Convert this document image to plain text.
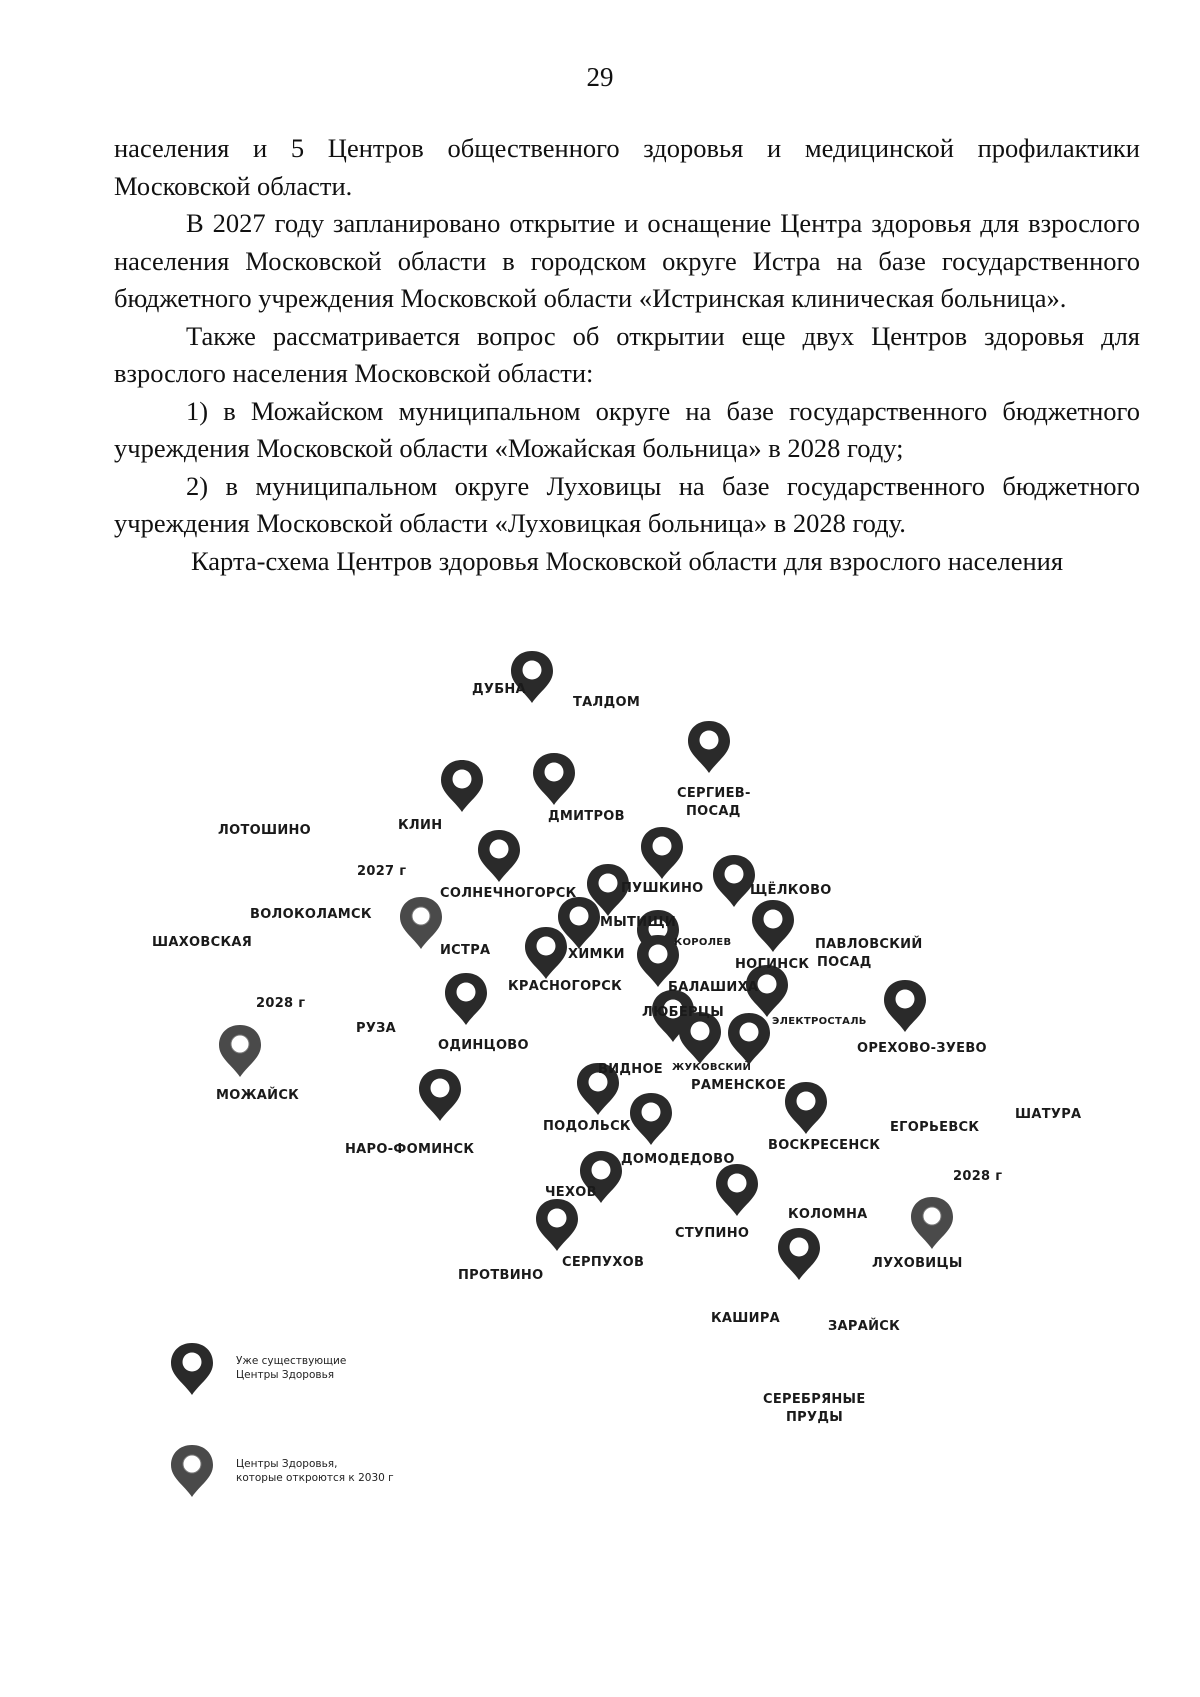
29

населения и 5 Центров общественного здоровья и медицинской профилактики Московской области.

В 2027 году запланировано открытие и оснащение Центра здоровья для взрослого населения Московской области в городском округе Истра на базе государственного бюджетного учреждения Московской области «Истринская клиническая больница».

Также рассматривается вопрос об открытии еще двух Центров здоровья для взрослого населения Московской области:

1) в Можайском муниципальном округе на базе государственного бюджетного учреждения Московской области «Можайская больница» в 2028 году;

2) в муниципальном округе Луховицы на базе государственного бюджетного учреждения Московской области «Луховицкая больница» в 2028 году.

Карта-схема Центров здоровья Московской области для взрослого населения

ДУБНА
ТАЛДОМ
СЕРГИЕВ-
ПОСАД
ЛОТОШИНО	КЛИН
ДМИТРОВ
2027 г
СОЛНЕЧНОГОРСК	ПУШКИНО	ЩЁЛКОВО
ВОЛОКОЛАМСК
МЫТИЩИ
ШАХОВСКАЯ
ИСТРА	ХИМКИ
КОРОЛЕВ	ПАВЛОВСКИЙ
ПОСАД
НОГИНСК
КРАСНОГОРСК	БАЛАШИХА
2028 г
РУЗА
ЛЮБЕРЦЫ
ЭЛЕКТРОСТАЛЬ
ОДИНЦОВО	ОРЕХОВО-ЗУЕВО
ВИДНОЕ ЖУКОВСКИЙ
РАМЕНСКОЕ
МОЖАЙСК
ШАТУРА
ПОДОЛЬСК	ЕГОРЬЕВСК
ВОСКРЕСЕНСК
НАРО-ФОМИНСК
ДОМОДЕДОВО
2028 г
ЧЕХОВ
КОЛОМНА
СТУПИНО
СЕРПУХОВ	ЛУХОВИЦЫ
ПРОТВИНО
КАШИРА
ЗАРАЙСК
СЕРЕБРЯНЫЕ
ПРУДЫ
Уже существующие
Центры Здоровья
Центры Здоровья,
которые откроются к 2030 г
